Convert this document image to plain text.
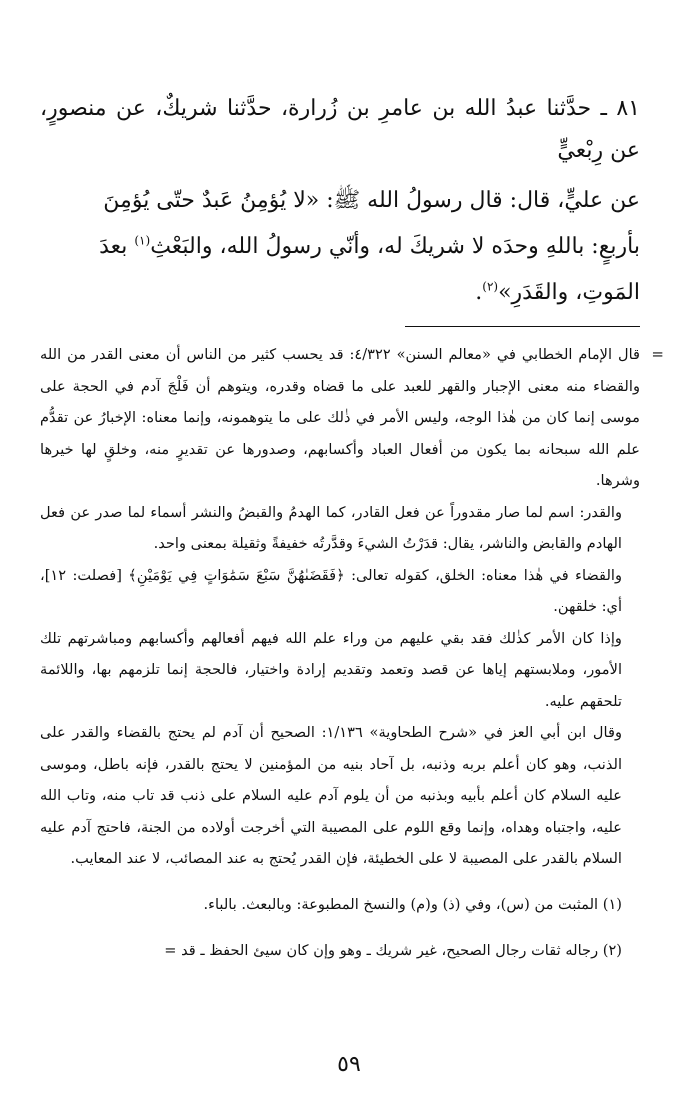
٨١ ـ حدَّثنا عبدُ الله بن عامرِ بن زُرارة، حدَّثنا شريكٌ، عن منصورٍ، عن رِبْعيٍّ

عن عليٍّ، قال: قال رسولُ الله ﷺ: «لا يُؤمِنُ عَبدٌ حتّى يُؤمِنَ

بأربعٍ: باللهِ وحدَه لا شريكَ له، وأنّي رسولُ الله، والبَعْثِ$^{(١)}$ بعدَ

المَوتِ، والقَدَرِ»$^{(٢)}$.

=

قال الإمام الخطابي في «معالم السنن» ٤/٣٢٢: قد يحسب كثير من الناس أن معنى القدر من الله والقضاء منه معنى الإجبار والقهر للعبد على ما قضاه وقدره، ويتوهم أن فَلْجَ آدم في الحجة على موسى إنما كان من هٰذا الوجه، وليس الأمر في ذٰلك على ما يتوهمونه، وإنما معناه: الإخبارُ عن تقدُّم علم الله سبحانه بما يكون من أفعال العباد وأكسابهم، وصدورها عن تقديرٍ منه، وخلقٍ لها خيرها وشرها.

والقدر: اسم لما صار مقدوراً عن فعل القادر، كما الهدمُ والقبضُ والنشر أسماء لما صدر عن فعل الهادم والقابض والناشر، يقال: قدَرْتُ الشيءَ وقدَّرتُه خفيفةً وثقيلة بمعنى واحد.

والقضاء في هٰذا معناه: الخلق، كقوله تعالى: ﴿فَقَضَىٰهُنَّ سَبْعَ سَمَٰوَاتٍ فِي يَوْمَيْنِ﴾ [فصلت: ١٢]، أي: خلقهن.

وإذا كان الأمر كذٰلك فقد بقي عليهم من وراء علم الله فيهم أفعالهم وأكسابهم ومباشرتهم تلك الأمور، وملابستهم إياها عن قصد وتعمد وتقديم إرادة واختيار، فالحجة إنما تلزمهم بها، واللائمة تلحقهم عليه.

وقال ابن أبي العز في «شرح الطحاوية» ١/١٣٦: الصحيح أن آدم لم يحتج بالقضاء والقدر على الذنب، وهو كان أعلم بربه وذنبه، بل آحاد بنيه من المؤمنين لا يحتج بالقدر، فإنه باطل، وموسى عليه السلام كان أعلم بأبيه وبذنبه من أن يلوم آدم عليه السلام على ذنب قد تاب منه، وتاب الله عليه، واجتباه وهداه، وإنما وقع اللوم على المصيبة التي أخرجت أولاده من الجنة، فاحتج آدم عليه السلام بالقدر على المصيبة لا على الخطيئة، فإن القدر يُحتج به عند المصائب، لا عند المعايب.

(١) المثبت من (س)، وفي (ذ) و(م) والنسخ المطبوعة: وبالبعث. بالباء.

(٢) رجاله ثقات رجال الصحيح، غير شريك ـ وهو وإن كان سيئ الحفظ ـ قد =

٥٩
